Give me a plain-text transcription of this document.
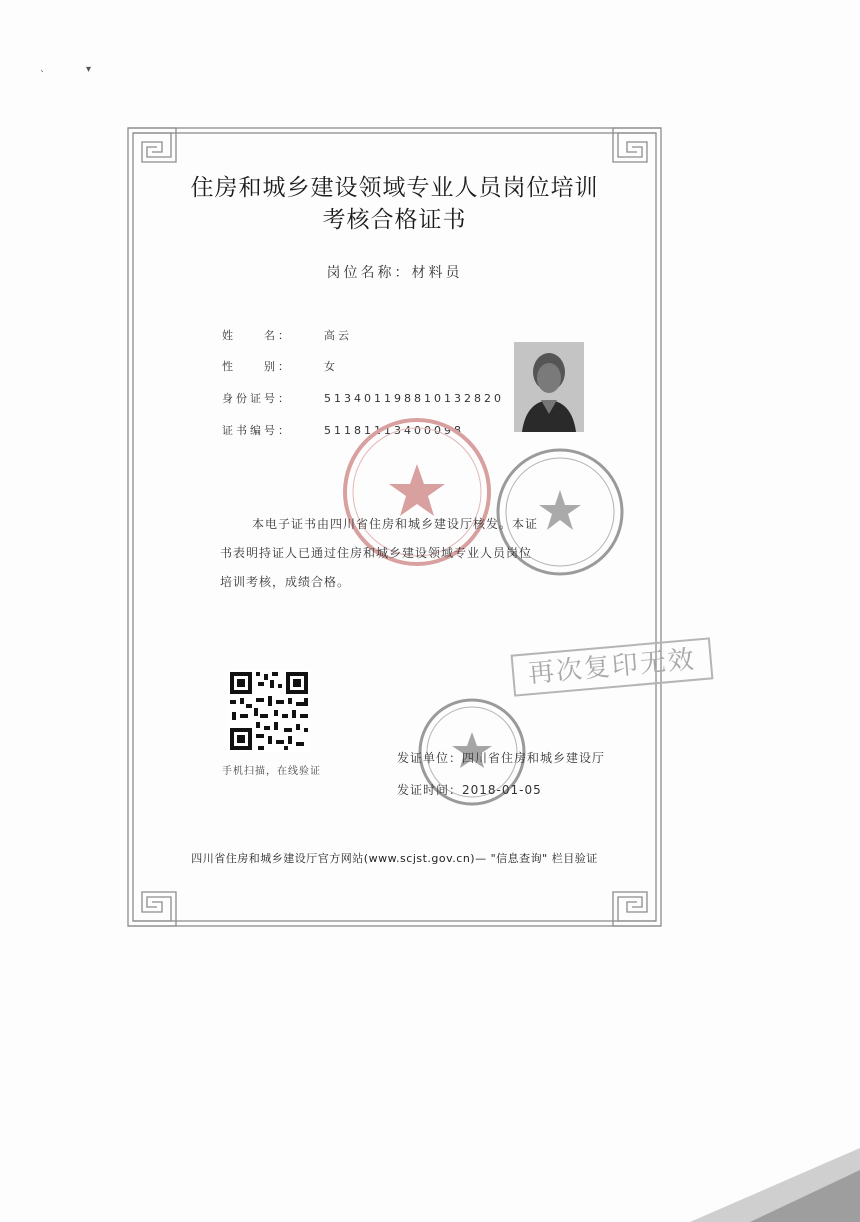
`
▾
住房和城乡建设领域专业人员岗位培训
考核合格证书
岗位名称：材料员
姓　　名：	高云
性　　别：	女
身份证号：	513401198810132820
证书编号：	51181113400098
本电子证书由四川省住房和城乡建设厅核发。本证
书表明持证人已通过住房和城乡建设领域专业人员岗位
培训考核，成绩合格。
手机扫描，在线验证
发证单位：四川省住房和城乡建设厅
发证时间：2018-01-05
四川省住房和城乡建设厅官方网站(www.scjst.gov.cn)— "信息查询" 栏目验证
再次复印无效
